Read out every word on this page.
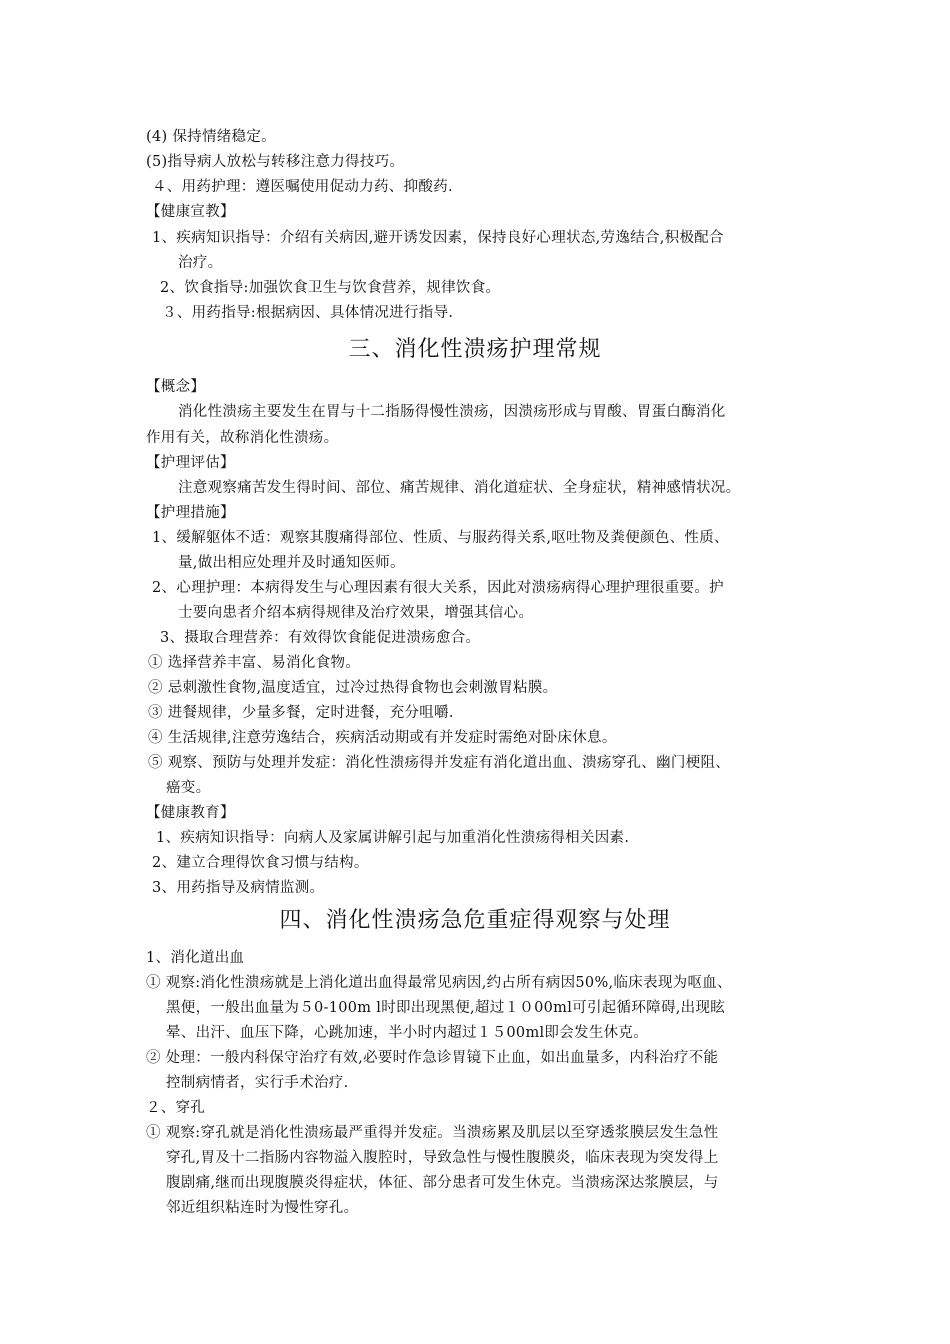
(4) 保持情绪稳定。
(5)指导病人放松与转移注意力得技巧。
４、用药护理：遵医嘱使用促动力药、抑酸药.
【健康宣教】
1、疾病知识指导：介绍有关病因,避开诱发因素，保持良好心理状态,劳逸结合,积极配合
治疗。
2、饮食指导:加强饮食卫生与饮食营养，规律饮食。
３、用药指导:根据病因、具体情况进行指导.
三、消化性溃疡护理常规
【概念】
消化性溃疡主要发生在胃与十二指肠得慢性溃疡，因溃疡形成与胃酸、胃蛋白酶消化
作用有关，故称消化性溃疡。
【护理评估】
注意观察痛苦发生得时间、部位、痛苦规律、消化道症状、全身症状，精神感情状况。
【护理措施】
1、缓解躯体不适：观察其腹痛得部位、性质、与服药得关系,呕吐物及粪便颜色、性质、
量,做出相应处理并及时通知医师。
2、心理护理：本病得发生与心理因素有很大关系，因此对溃疡病得心理护理很重要。护
士要向患者介绍本病得规律及治疗效果，增强其信心。
3、摄取合理营养：有效得饮食能促进溃疡愈合。
① 选择营养丰富、易消化食物。
② 忌刺激性食物,温度适宜，过冷过热得食物也会刺激胃粘膜。
③ 进餐规律，少量多餐，定时进餐，充分咀嚼.
④ 生活规律,注意劳逸结合，疾病活动期或有并发症时需绝对卧床休息。
⑤ 观察、预防与处理并发症：消化性溃疡得并发症有消化道出血、溃疡穿孔、幽门梗阻、
癌变。
【健康教育】
1、疾病知识指导：向病人及家属讲解引起与加重消化性溃疡得相关因素.
2、建立合理得饮食习惯与结构。
3、用药指导及病情监测。
四、消化性溃疡急危重症得观察与处理
1、消化道出血
① 观察:消化性溃疡就是上消化道出血得最常见病因,约占所有病因50%,临床表现为呕血、
黑便，一般出血量为５0-100m l时即出现黑便,超过１０00ml可引起循环障碍,出现眩
晕、出汗、血压下降，心跳加速，半小时内超过１５00ml即会发生休克。
② 处理：一般内科保守治疗有效,必要时作急诊胃镜下止血，如出血量多，内科治疗不能
控制病情者，实行手术治疗.
２、穿孔
① 观察:穿孔就是消化性溃疡最严重得并发症。当溃疡累及肌层以至穿透浆膜层发生急性
穿孔,胃及十二指肠内容物溢入腹腔时，导致急性与慢性腹膜炎，临床表现为突发得上
腹剧痛,继而出现腹膜炎得症状，体征、部分患者可发生休克。当溃疡深达浆膜层，与
邻近组织粘连时为慢性穿孔。
